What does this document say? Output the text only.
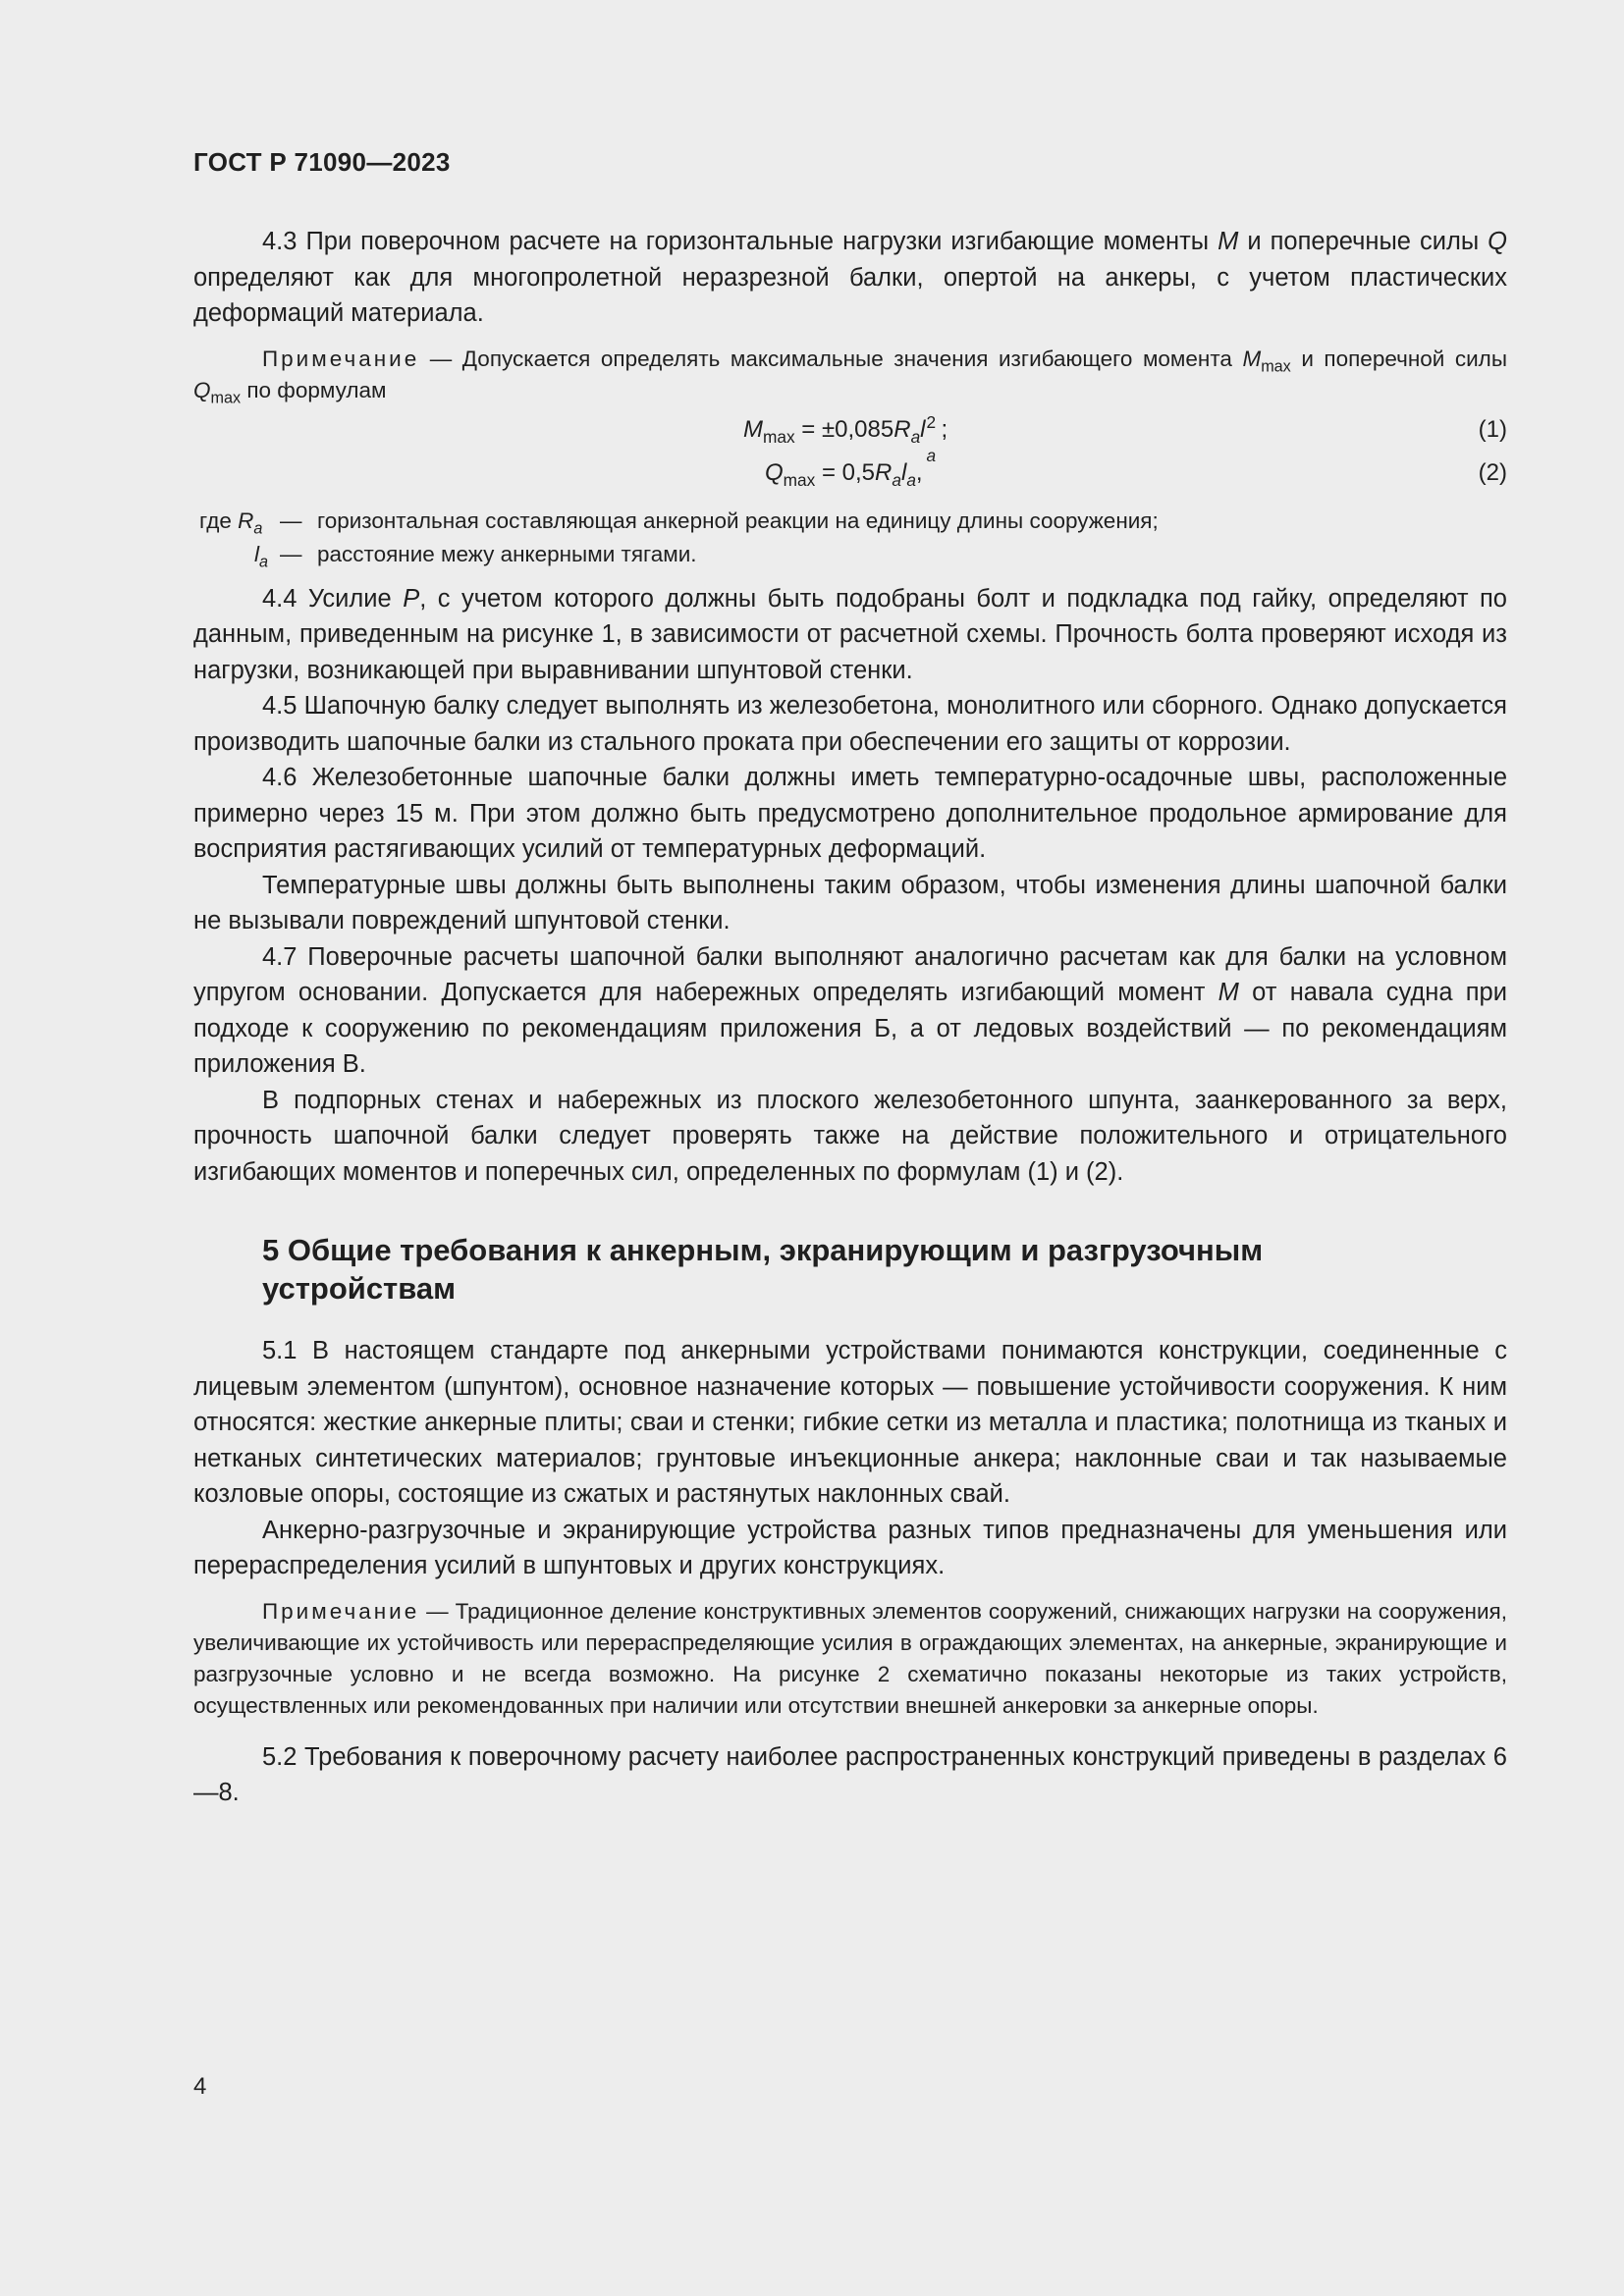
ГОСТ Р 71090—2023

4.3 При поверочном расчете на горизонтальные нагрузки изгибающие моменты M и поперечные силы Q определяют как для многопролетной неразрезной балки, опертой на анкеры, с учетом пластических деформаций материала.

Примечание — Допускается определять максимальные значения изгибающего момента $M_{max}$ и поперечной силы $Q_{max}$ по формулам

$M_{max} = \pm 0,085R_al$ 2
a
;	(1)
$Q_{max} = 0,5R_al_a$,	(2)
где $R_a$ — горизонтальная составляющая анкерной реакции на единицу длины сооружения;
$l_a$ — расстояние межу анкерными тягами.

4.4 Усилие P, с учетом которого должны быть подобраны болт и подкладка под гайку, определяют по данным, приведенным на рисунке 1, в зависимости от расчетной схемы. Прочность болта проверяют исходя из нагрузки, возникающей при выравнивании шпунтовой стенки.

4.5 Шапочную балку следует выполнять из железобетона, монолитного или сборного. Однако допускается производить шапочные балки из стального проката при обеспечении его защиты от коррозии.

4.6 Железобетонные шапочные балки должны иметь температурно-осадочные швы, расположенные примерно через 15 м. При этом должно быть предусмотрено дополнительное продольное армирование для восприятия растягивающих усилий от температурных деформаций.

Температурные швы должны быть выполнены таким образом, чтобы изменения длины шапочной балки не вызывали повреждений шпунтовой стенки.

4.7 Поверочные расчеты шапочной балки выполняют аналогично расчетам как для балки на условном упругом основании. Допускается для набережных определять изгибающий момент M от навала судна при подходе к сооружению по рекомендациям приложения Б, а от ледовых воздействий — по рекомендациям приложения В.

В подпорных стенах и набережных из плоского железобетонного шпунта, заанкерованного за верх, прочность шапочной балки следует проверять также на действие положительного и отрицательного изгибающих моментов и поперечных сил, определенных по формулам (1) и (2).

5 Общие требования к анкерным, экранирующим и разгрузочным устройствам

5.1 В настоящем стандарте под анкерными устройствами понимаются конструкции, соединенные с лицевым элементом (шпунтом), основное назначение которых — повышение устойчивости сооружения. К ним относятся: жесткие анкерные плиты; сваи и стенки; гибкие сетки из металла и пластика; полотнища из тканых и нетканых синтетических материалов; грунтовые инъекционные анкера; наклонные сваи и так называемые козловые опоры, состоящие из сжатых и растянутых наклонных свай.

Анкерно-разгрузочные и экранирующие устройства разных типов предназначены для уменьшения или перераспределения усилий в шпунтовых и других конструкциях.

Примечание — Традиционное деление конструктивных элементов сооружений, снижающих нагрузки на сооружения, увеличивающие их устойчивость или перераспределяющие усилия в ограждающих элементах, на анкерные, экранирующие и разгрузочные условно и не всегда возможно. На рисунке 2 схематично показаны некоторые из таких устройств, осуществленных или рекомендованных при наличии или отсутствии внешней анкеровки за анкерные опоры.

5.2 Требования к поверочному расчету наиболее распространенных конструкций приведены в разделах 6—8.

4
